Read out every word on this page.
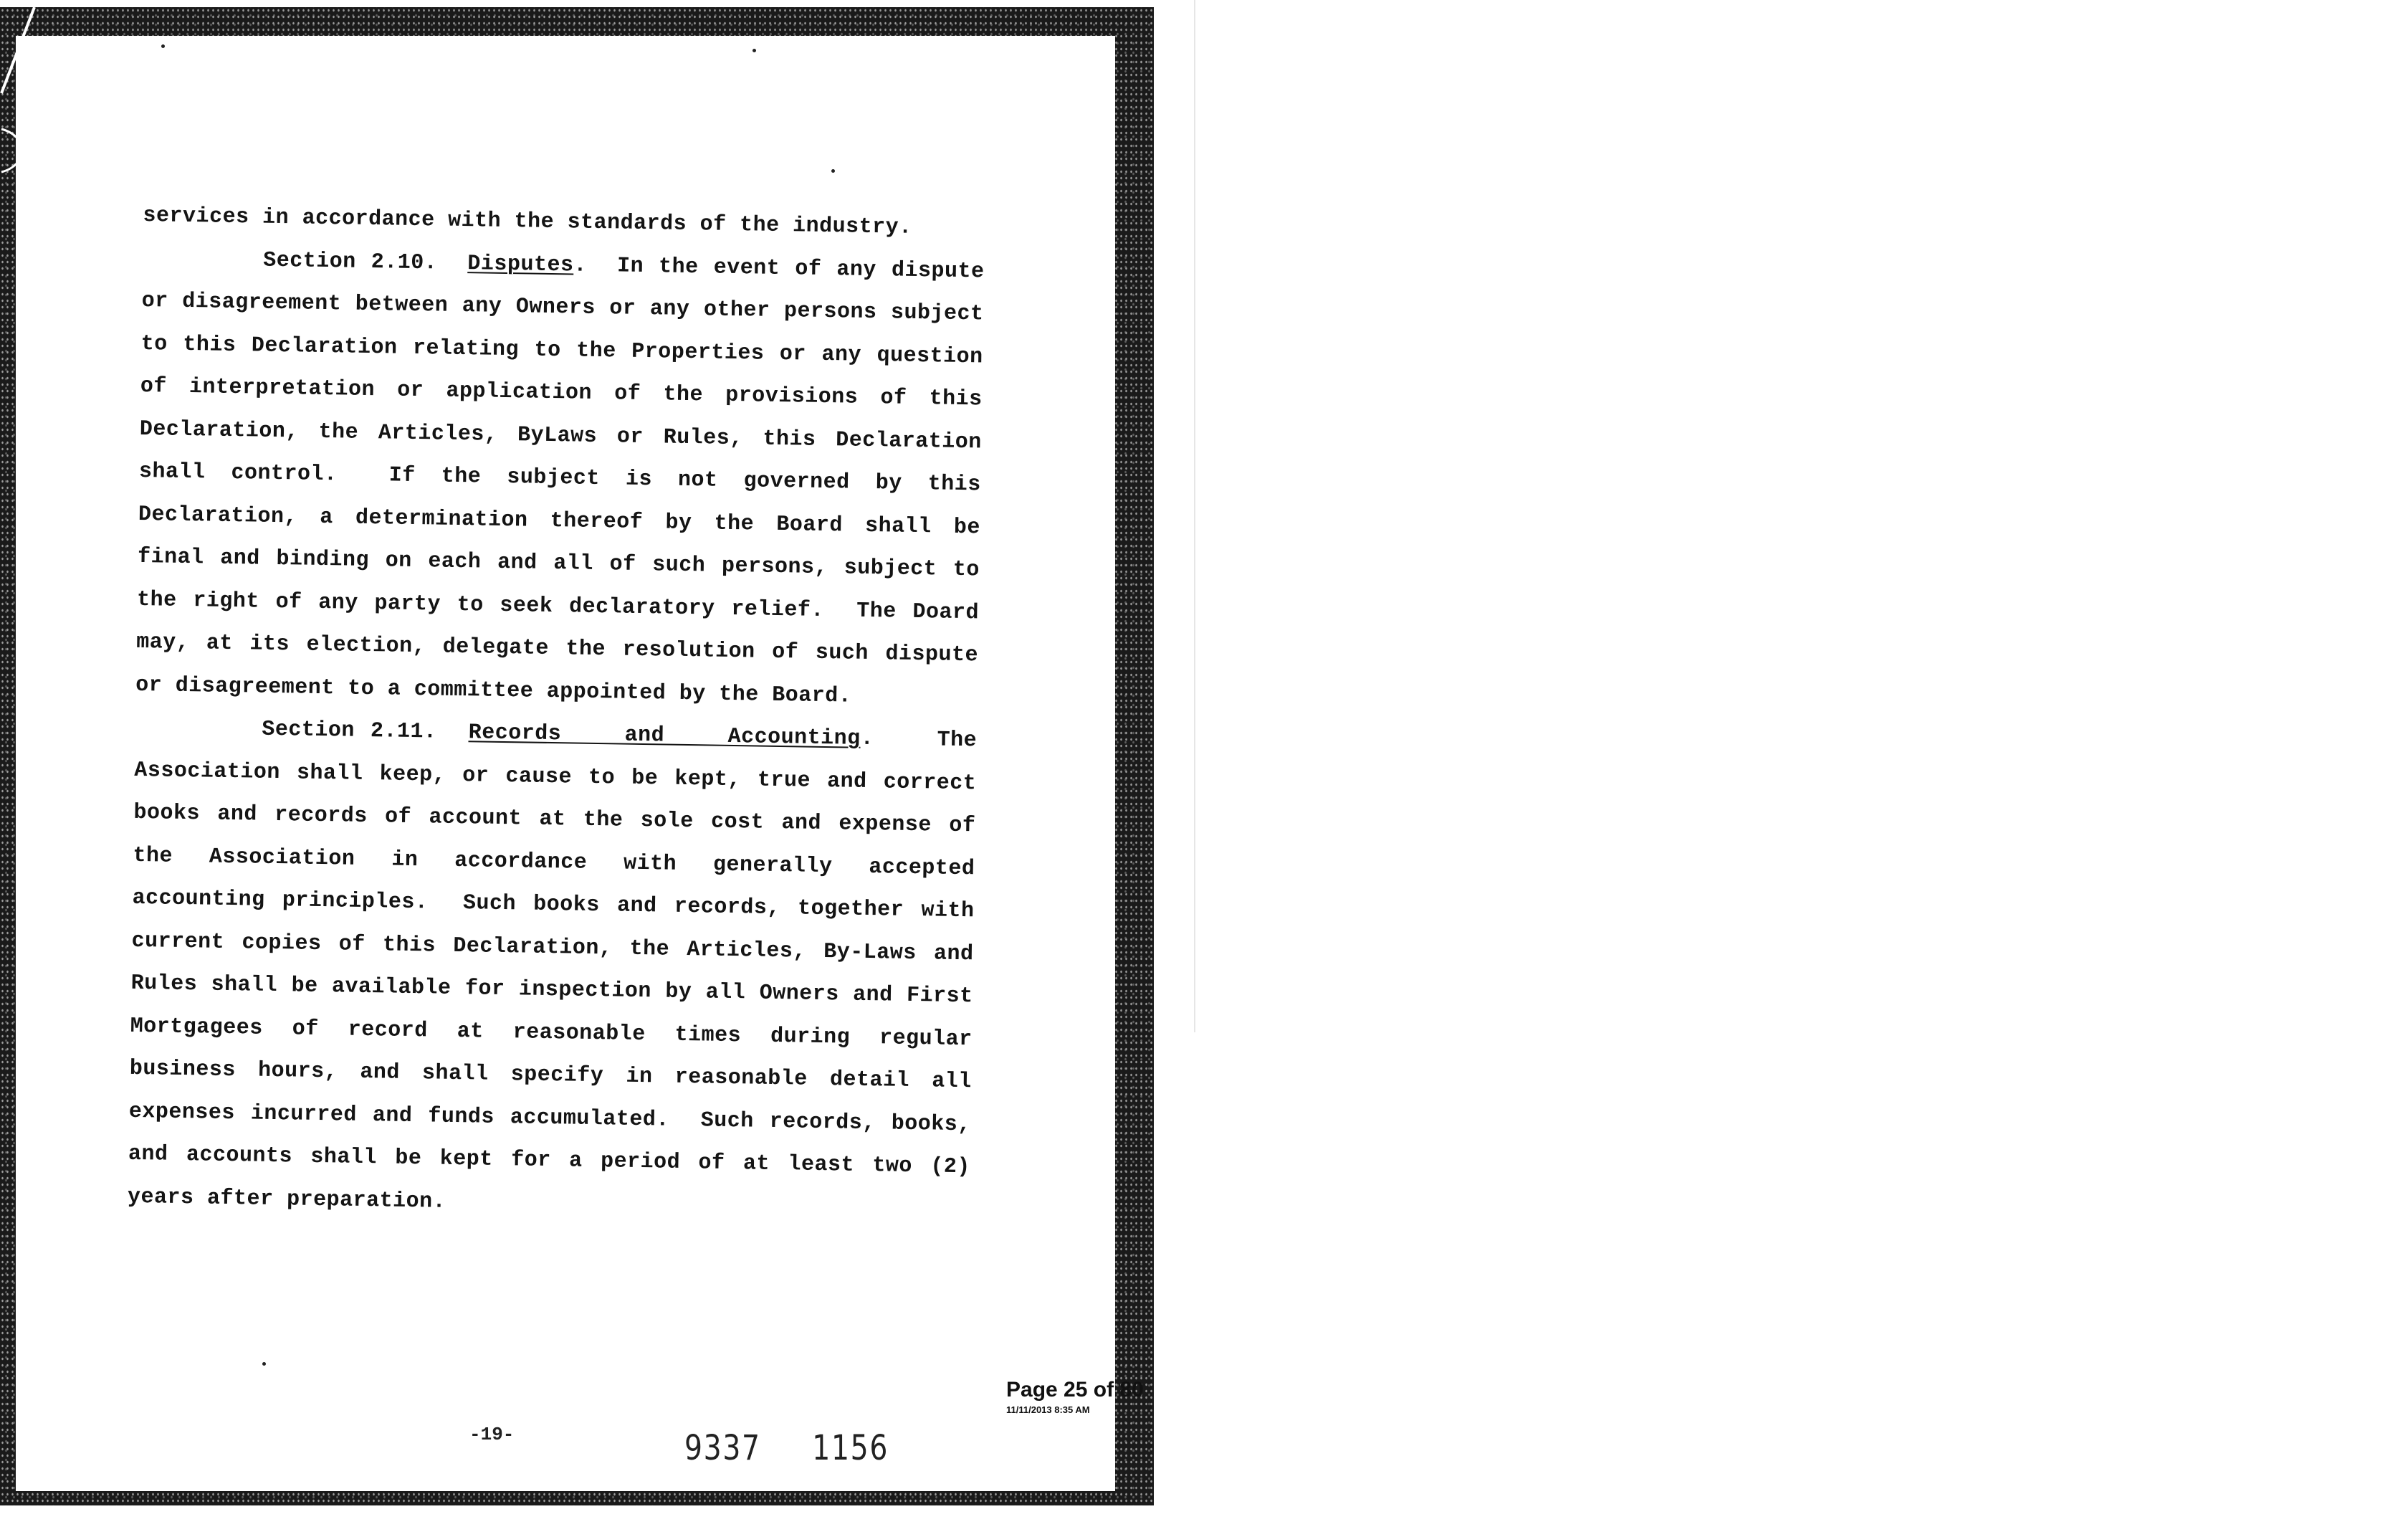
services in accordance with the standards of the industry.
Section 2.10.  Disputes.  In the event of any dispute
or disagreement between any Owners or any other persons subject
to this Declaration relating to the Properties or any question
of interpretation or application of the provisions of this
Declaration, the Articles, ByLaws or Rules, this Declaration
shall control.  If the subject is not governed by this
Declaration, a determination thereof by the Board shall be
final and binding on each and all of such persons, subject to
the right of any party to seek declaratory relief.  The Doard
may, at its election, delegate the resolution of such dispute
or disagreement to a committee appointed by the Board.
Section 2.11.  Records    and    Accounting.    The
Association shall keep, or cause to be kept, true and correct
books and records of account at the sole cost and expense of
the Association in accordance with generally accepted
accounting principles.  Such books and records, together with
current copies of this Declaration, the Articles, By-Laws and
Rules shall be available for inspection by all Owners and First
Mortgagees of record at reasonable times during regular
business hours, and shall specify in reasonable detail all
expenses incurred and funds accumulated.  Such records, books,
and accounts shall be kept for a period of at least two (2)
years after preparation.
-19-	9337 1156
Page 25 of 80
11/11/2013 8:35 AM
